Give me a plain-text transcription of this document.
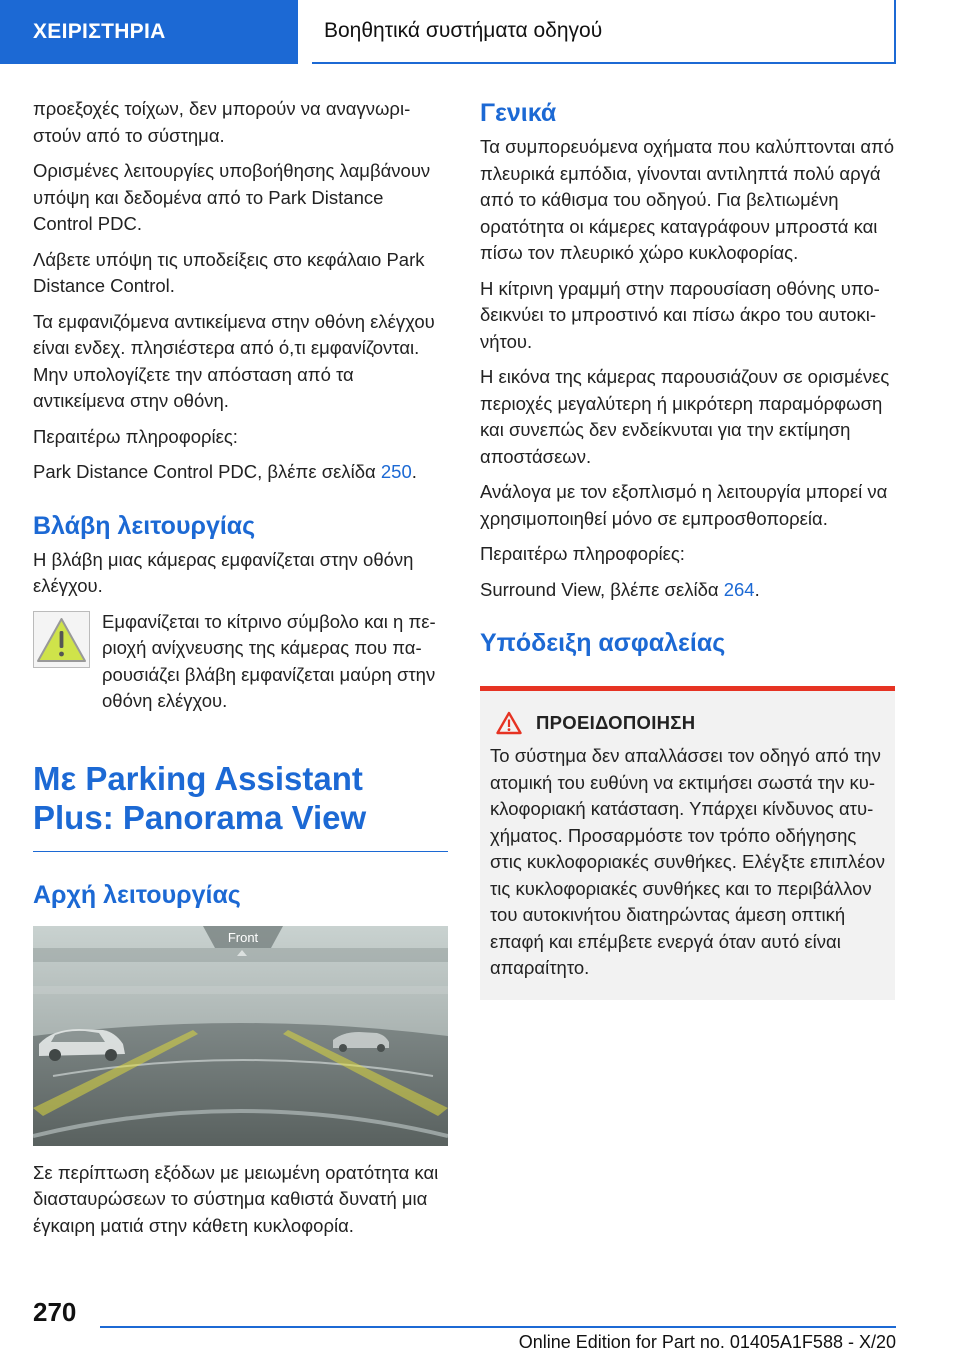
ΧΕΙΡΙΣΤΗΡΙΑ	Βοηθητικά συστήματα οδηγού

προεξοχές τοίχων, δεν μπορούν να αναγνωριστούν από το σύστημα.

Ορισμένες λειτουργίες υποβοήθησης λαμβάνουν υπόψη και δεδομένα από το Park Distance Control PDC.

Λάβετε υπόψη τις υποδείξεις στο κεφάλαιο Park Distance Control.

Τα εμφανιζόμενα αντικείμενα στην οθόνη ελέγχου είναι ενδεχ. πλησιέστερα από ό,τι εμφανίζονται. Μην υπολογίζετε την απόσταση από τα αντικείμενα στην οθόνη.

Περαιτέρω πληροφορίες:

Park Distance Control PDC, βλέπε σελίδα 250.

Βλάβη λειτουργίας

Η βλάβη μιας κάμερας εμφανίζεται στην οθόνη ελέγχου.

Εμφανίζεται το κίτρινο σύμβολο και η περιοχή ανίχνευσης της κάμερας που παρουσιάζει βλάβη εμφανίζεται μαύρη στην οθόνη ελέγχου.

Με Parking Assistant Plus: Panorama View
Αρχή λειτουργίας
Front

Σε περίπτωση εξόδων με μειωμένη ορατότητα και διασταυρώσεων το σύστημα καθιστά δυνατή μια έγκαιρη ματιά στην κάθετη κυκλοφορία.

Γενικά

Τα συμπορευόμενα οχήματα που καλύπτονται από πλευρικά εμπόδια, γίνονται αντιληπτά πολύ αργά από το κάθισμα του οδηγού. Για βελτιωμένη ορατότητα οι κάμερες καταγράφουν μπροστά και πίσω τον πλευρικό χώρο κυκλοφορίας.

Η κίτρινη γραμμή στην παρουσίαση οθόνης υποδεικνύει το μπροστινό και πίσω άκρο του αυτοκινήτου.

Η εικόνα της κάμερας παρουσιάζουν σε ορισμένες περιοχές μεγαλύτερη ή μικρότερη παραμόρφωση και συνεπώς δεν ενδείκνυται για την εκτίμηση αποστάσεων.

Ανάλογα με τον εξοπλισμό η λειτουργία μπορεί να χρησιμοποιηθεί μόνο σε εμπροσθοπορεία.

Περαιτέρω πληροφορίες:

Surround View, βλέπε σελίδα 264.

Υπόδειξη ασφαλείας
ΠΡΟΕΙΔΟΠΟΙΗΣΗ

Το σύστημα δεν απαλλάσσει τον οδηγό από την ατομική του ευθύνη να εκτιμήσει σωστά την κυκλοφοριακή κατάσταση. Υπάρχει κίνδυνος ατυχήματος. Προσαρμόστε τον τρόπο οδήγησης στις κυκλοφοριακές συνθήκες. Ελέγξτε επιπλέον τις κυκλοφοριακές συνθήκες και το περιβάλλον του αυτοκινήτου διατηρώντας άμεση οπτική επαφή και επέμβετε ενεργά όταν αυτό είναι απαραίτητο.

270
Online Edition for Part no. 01405A1F588 - X/20
